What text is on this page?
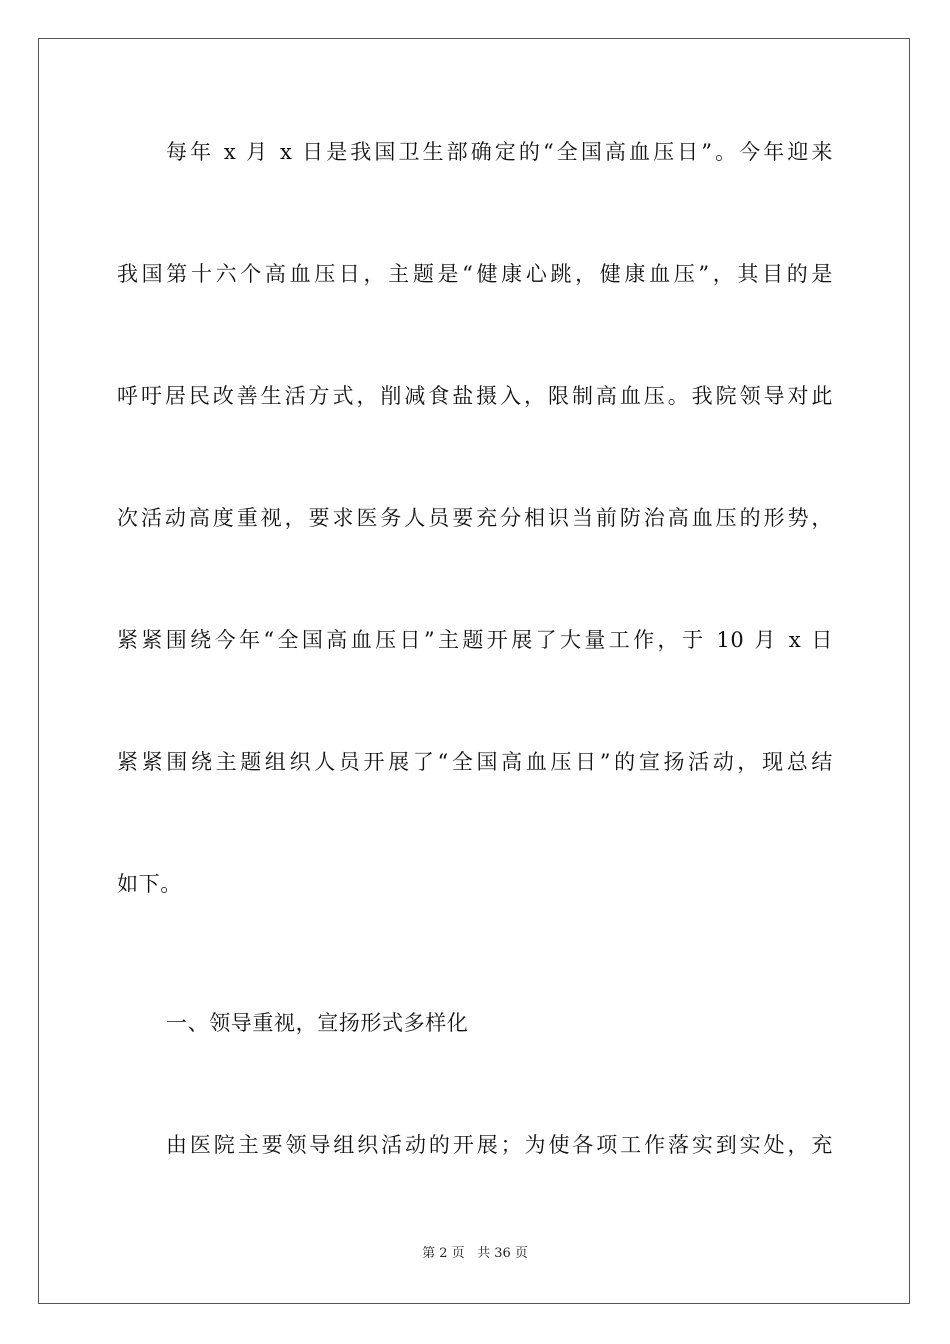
每年 x 月 x 日是我国卫生部确定的“全国高血压日”。今年迎来
我国第十六个高血压日，主题是“健康心跳，健康血压”，其目的是
呼吁居民改善生活方式，削减食盐摄入，限制高血压。我院领导对此
次活动高度重视，要求医务人员要充分相识当前防治高血压的形势，
紧紧围绕今年“全国高血压日”主题开展了大量工作，于 10 月 x 日
紧紧围绕主题组织人员开展了“全国高血压日”的宣扬活动，现总结
如下。
一、领导重视，宣扬形式多样化
由医院主要领导组织活动的开展；为使各项工作落实到实处，充
第 2 页 共 36 页
